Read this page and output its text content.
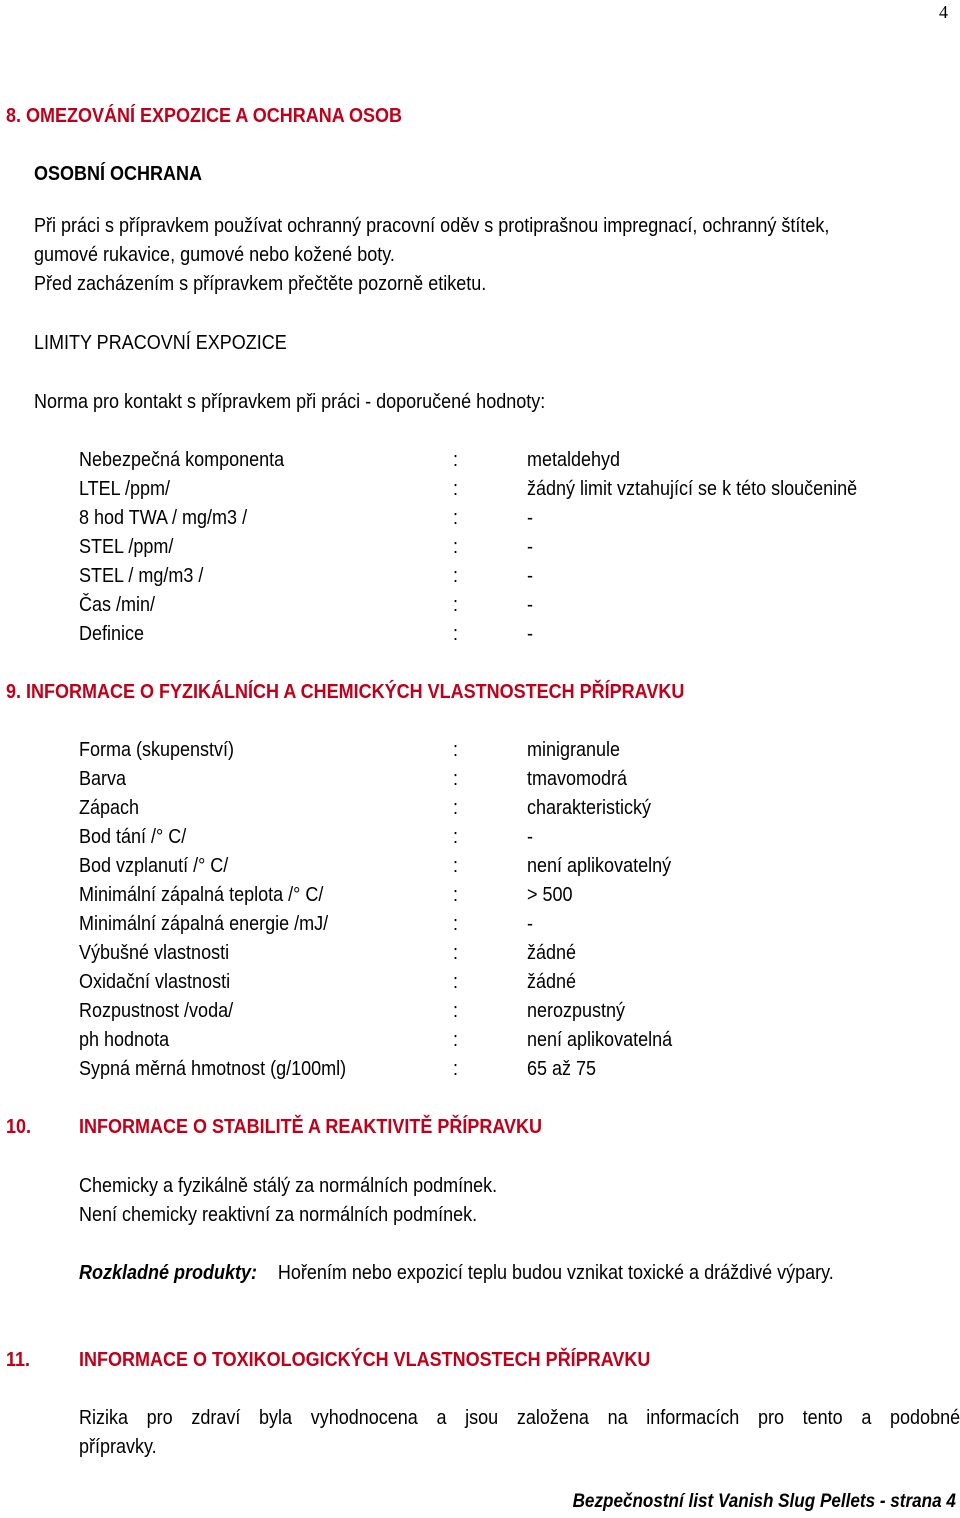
4
8. OMEZOVÁNÍ EXPOZICE A OCHRANA OSOB
OSOBNÍ OCHRANA
Při práci s přípravkem používat ochranný pracovní oděv s protiprašnou impregnací, ochranný štítek,
gumové rukavice, gumové nebo kožené boty.
Před zacházením s přípravkem přečtěte pozorně etiketu.
LIMITY PRACOVNÍ EXPOZICE
Norma pro kontakt s přípravkem při práci - doporučené hodnoty:
Nebezpečná komponenta	:	metaldehyd
LTEL /ppm/	:	žádný limit vztahující se k této sloučenině
8 hod TWA / mg/m3 /	:	-
STEL /ppm/	:	-
STEL / mg/m3 /	:	-
Čas /min/	:	-
Definice	:	-
9. INFORMACE O FYZIKÁLNÍCH A CHEMICKÝCH VLASTNOSTECH PŘÍPRAVKU
Forma (skupenství)	:	minigranule
Barva	:	tmavomodrá
Zápach	:	charakteristický
Bod tání /° C/	:	-
Bod vzplanutí /° C/	:	není aplikovatelný
Minimální zápalná teplota /° C/	:	> 500
Minimální zápalná energie /mJ/	:	-
Výbušné vlastnosti	:	žádné
Oxidační vlastnosti	:	žádné
Rozpustnost /voda/	:	nerozpustný
ph hodnota	:	není aplikovatelná
Sypná měrná hmotnost (g/100ml)	:	65 až 75
10. INFORMACE O STABILITĚ A REAKTIVITĚ PŘÍPRAVKU
Chemicky a fyzikálně stálý za normálních podmínek.
Není chemicky reaktivní za normálních podmínek.
Rozkladné produkty: Hořením nebo expozicí teplu budou vznikat toxické a dráždivé výpary.
11. INFORMACE O TOXIKOLOGICKÝCH VLASTNOSTECH PŘÍPRAVKU
Rizika pro zdraví byla vyhodnocena a jsou založena na informacích pro tento a podobné
přípravky.
Bezpečnostní list Vanish Slug Pellets - strana 4
